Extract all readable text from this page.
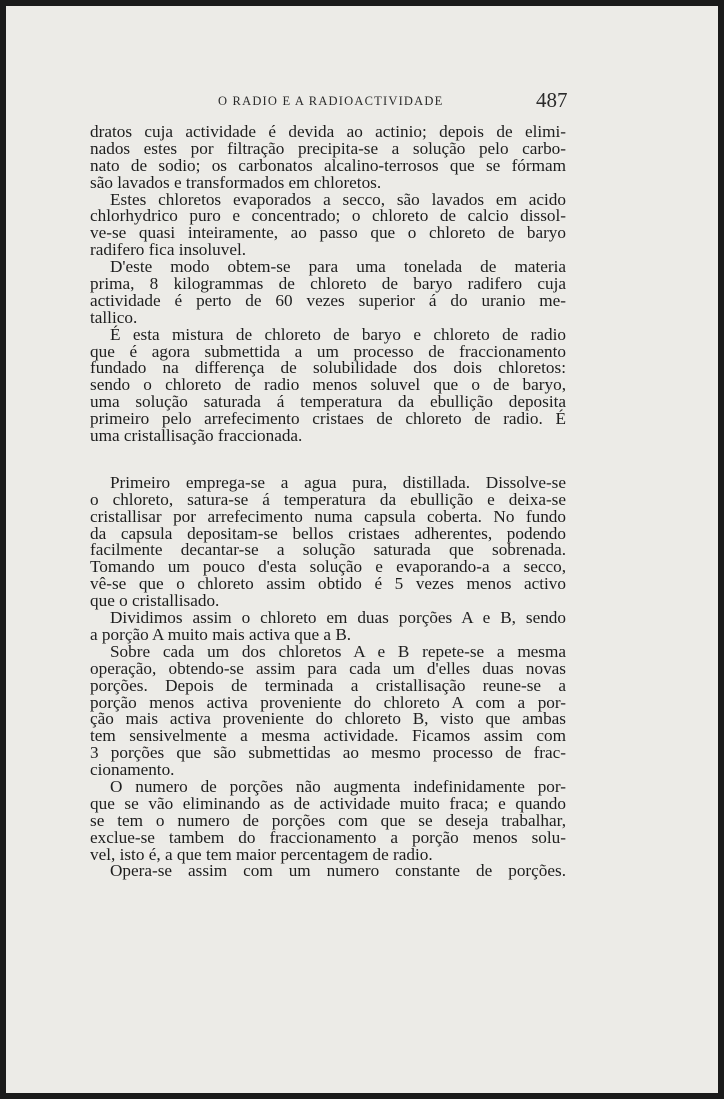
O RADIO E A RADIOACTIVIDADE	487
dratos cuja actividade é devida ao actinio; depois de elimi-
nados estes por filtração precipita-se a solução pelo carbo-
nato de sodio; os carbonatos alcalino-terrosos que se fórmam
são lavados e transformados em chloretos.
Estes chloretos evaporados a secco, são lavados em acido
chlorhydrico puro e concentrado; o chloreto de calcio dissol-
ve-se quasi inteiramente, ao passo que o chloreto de baryo
radifero fica insoluvel.
D'este modo obtem-se para uma tonelada de materia
prima, 8 kilogrammas de chloreto de baryo radifero cuja
actividade é perto de 60 vezes superior á do uranio me-
tallico.
É esta mistura de chloreto de baryo e chloreto de radio
que é agora submettida a um processo de fraccionamento
fundado na differença de solubilidade dos dois chloretos:
sendo o chloreto de radio menos soluvel que o de baryo,
uma solução saturada á temperatura da ebullição deposita
primeiro pelo arrefecimento cristaes de chloreto de radio. É
uma cristallisação fraccionada.
Primeiro emprega-se a agua pura, distillada. Dissolve-se
o chloreto, satura-se á temperatura da ebullição e deixa-se
cristallisar por arrefecimento numa capsula coberta. No fundo
da capsula depositam-se bellos cristaes adherentes, podendo
facilmente decantar-se a solução saturada que sobrenada.
Tomando um pouco d'esta solução e evaporando-a a secco,
vê-se que o chloreto assim obtido é 5 vezes menos activo
que o cristallisado.
Dividimos assim o chloreto em duas porções A e B, sendo
a porção A muito mais activa que a B.
Sobre cada um dos chloretos A e B repete-se a mesma
operação, obtendo-se assim para cada um d'elles duas novas
porções. Depois de terminada a cristallisação reune-se a
porção menos activa proveniente do chloreto A com a por-
ção mais activa proveniente do chloreto B, visto que ambas
tem sensivelmente a mesma actividade. Ficamos assim com
3 porções que são submettidas ao mesmo processo de frac-
cionamento.
O numero de porções não augmenta indefinidamente por-
que se vão eliminando as de actividade muito fraca; e quando
se tem o numero de porções com que se deseja trabalhar,
exclue-se tambem do fraccionamento a porção menos solu-
vel, isto é, a que tem maior percentagem de radio.
Opera-se assim com um numero constante de porções.
